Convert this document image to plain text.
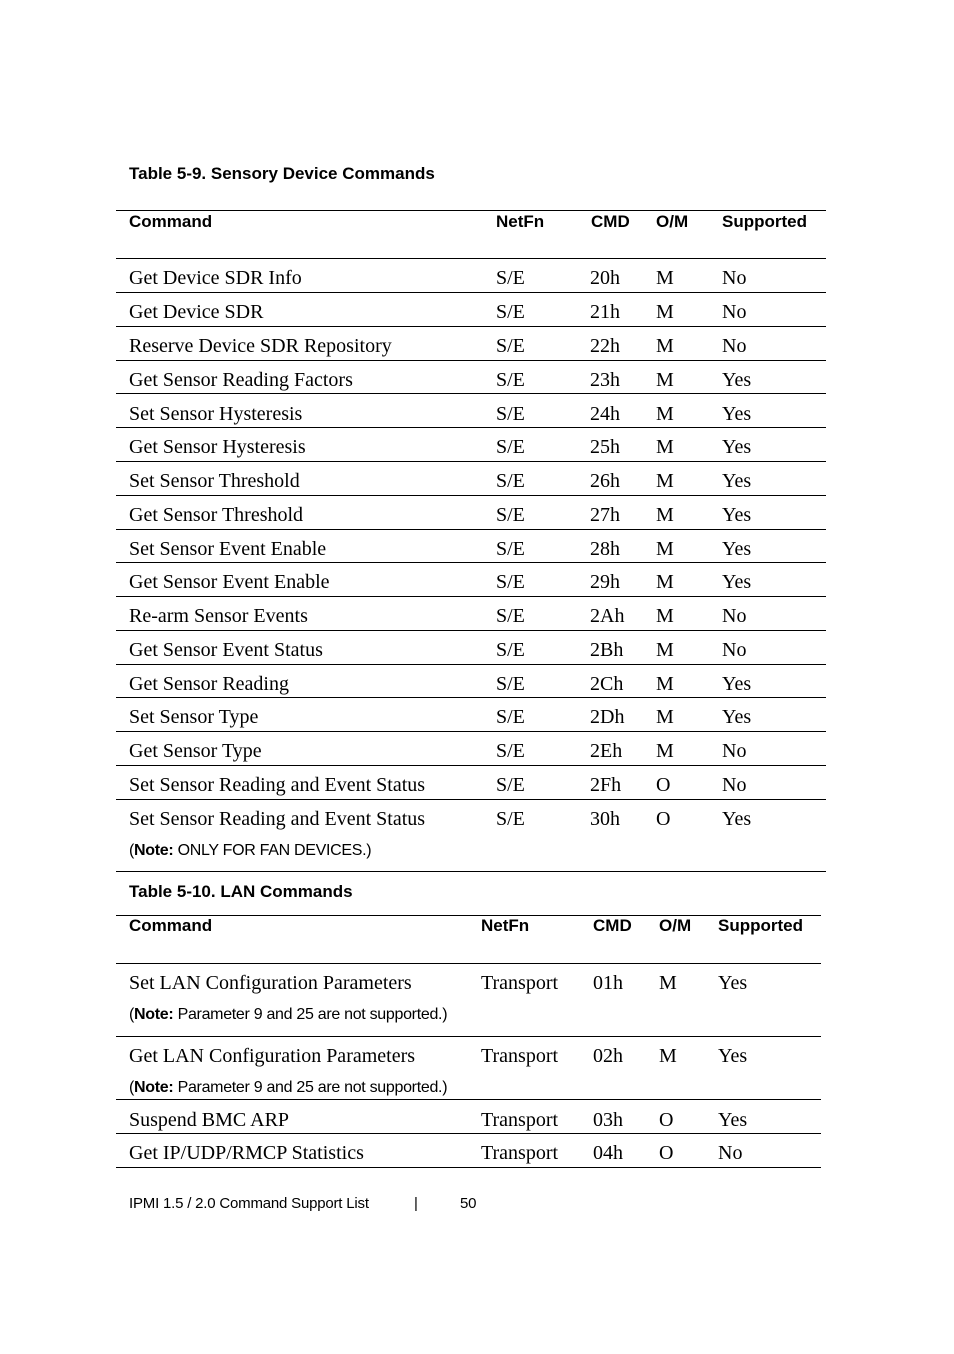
Table 5-9. Sensory Device Commands
Command	NetFn	CMD O/M Supported
Get Device SDR Info	S/E	20h M No
Get Device SDR	S/E	21h M No
Reserve Device SDR Repository	S/E	22h M No
Get Sensor Reading Factors	S/E	23h M Yes
Set Sensor Hysteresis	S/E	24h M Yes
Get Sensor Hysteresis	S/E	25h M Yes
Set Sensor Threshold	S/E	26h M Yes
Get Sensor Threshold	S/E	27h M Yes
Set Sensor Event Enable	S/E	28h M Yes
Get Sensor Event Enable	S/E	29h M Yes
Re-arm Sensor Events	S/E	2Ah M No
Get Sensor Event Status	S/E	2Bh M No
Get Sensor Reading	S/E	2Ch M Yes
Set Sensor Type	S/E	2Dh M Yes
Get Sensor Type	S/E	2Eh M No
Set Sensor Reading and Event Status	S/E	2Fh O	No
Set Sensor Reading and Event Status	S/E	30h O	Yes
(Note: ONLY FOR FAN DEVICES.)
Table 5-10. LAN Commands
Command	NetFn	CMD O/M Supported
Set LAN Configuration Parameters	Transport 01h M Yes
(Note: Parameter 9 and 25 are not supported.)
Get LAN Configuration Parameters	Transport 02h M Yes
(Note: Parameter 9 and 25 are not supported.)
Suspend BMC ARP	Transport 03h O Yes
Get IP/UDP/RMCP Statistics	Transport 04h O No
IPMI 1.5 / 2.0 Command Support List	|	50
